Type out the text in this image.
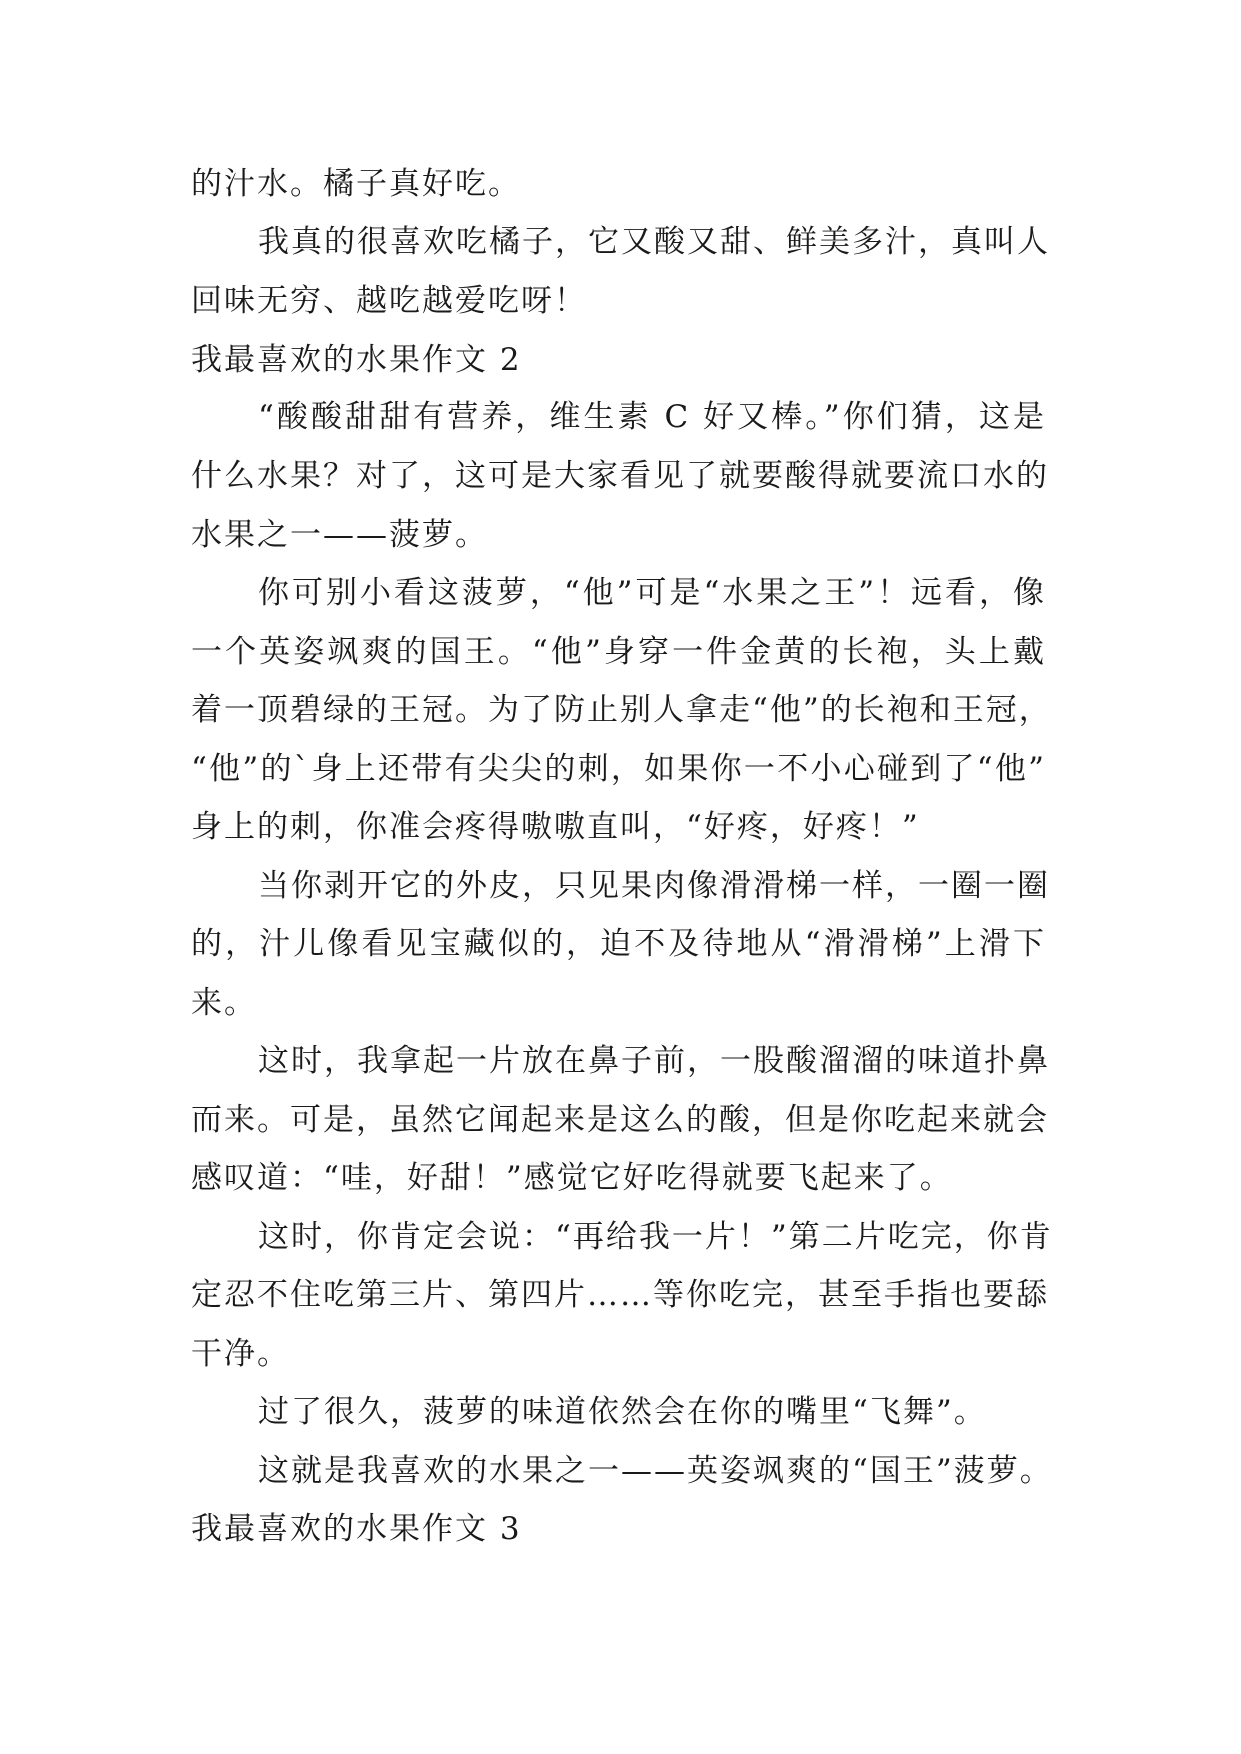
的汁水。橘子真好吃。
我真的很喜欢吃橘子，它又酸又甜、鲜美多汁，真叫人
回味无穷、越吃越爱吃呀！
我最喜欢的水果作文 2
“酸酸甜甜有营养，维生素 C 好又棒。”你们猜，这是
什么水果？对了，这可是大家看见了就要酸得就要流口水的
水果之一——菠萝。
你可别小看这菠萝，“他”可是“水果之王”！远看，像
一个英姿飒爽的国王。“他”身穿一件金黄的长袍，头上戴
着一顶碧绿的王冠。为了防止别人拿走“他”的长袍和王冠，
“他”的`身上还带有尖尖的刺，如果你一不小心碰到了“他”
身上的刺，你准会疼得嗷嗷直叫，“好疼，好疼！”
当你剥开它的外皮，只见果肉像滑滑梯一样，一圈一圈
的，汁儿像看见宝藏似的，迫不及待地从“滑滑梯”上滑下
来。
这时，我拿起一片放在鼻子前，一股酸溜溜的味道扑鼻
而来。可是，虽然它闻起来是这么的酸，但是你吃起来就会
感叹道：“哇，好甜！”感觉它好吃得就要飞起来了。
这时，你肯定会说：“再给我一片！”第二片吃完，你肯
定忍不住吃第三片、第四片……等你吃完，甚至手指也要舔
干净。
过了很久，菠萝的味道依然会在你的嘴里“飞舞”。
这就是我喜欢的水果之一——英姿飒爽的“国王”菠萝。
我最喜欢的水果作文 3
